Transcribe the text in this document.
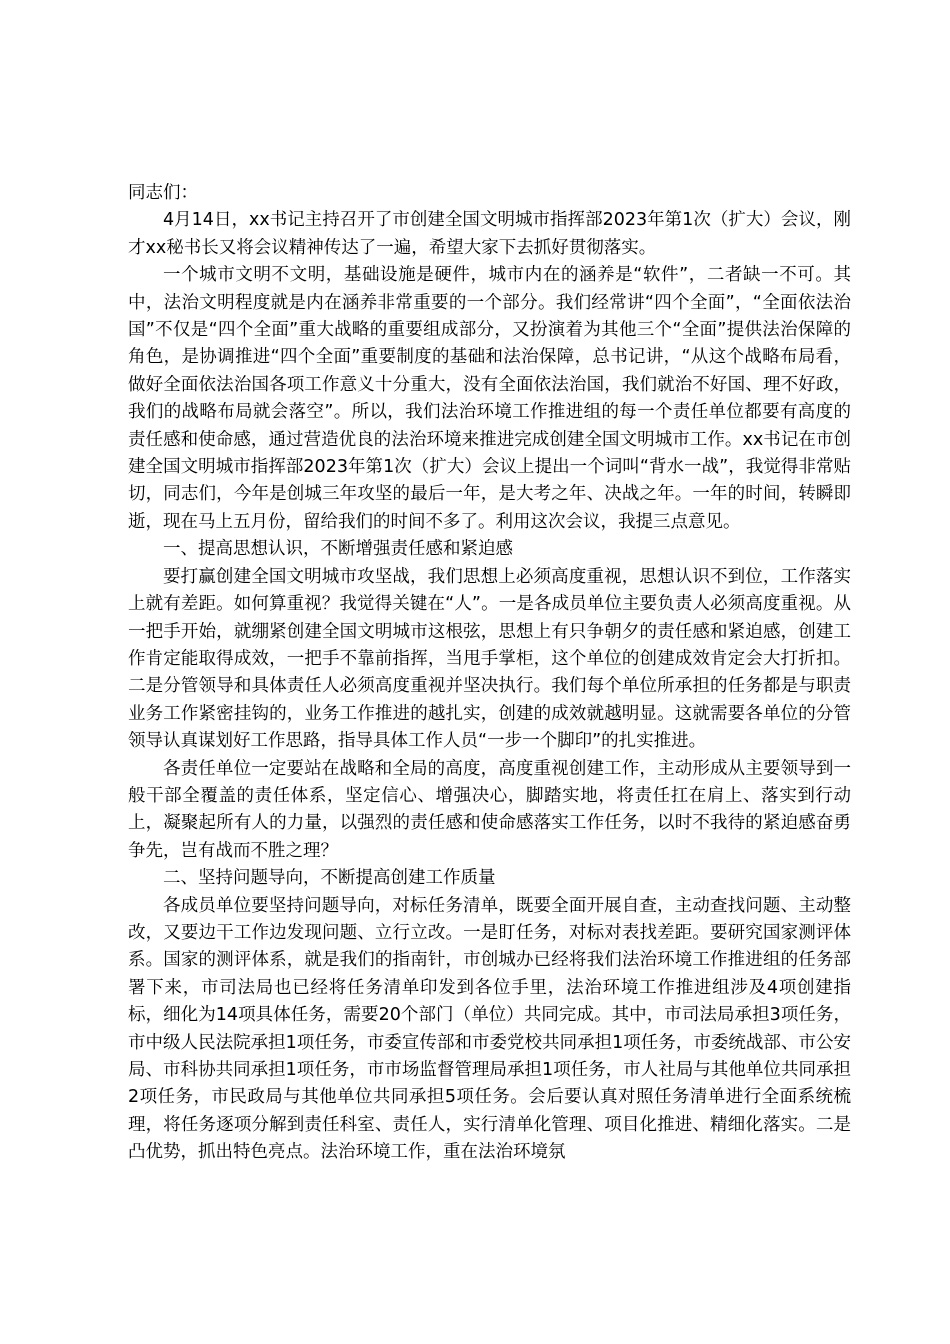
同志们：

4月14日，xx书记主持召开了市创建全国文明城市指挥部2023年第1次（扩大）会议，刚才xx秘书长又将会议精神传达了一遍，希望大家下去抓好贯彻落实。

一个城市文明不文明，基础设施是硬件，城市内在的涵养是“软件”，二者缺一不可。其中，法治文明程度就是内在涵养非常重要的一个部分。我们经常讲“四个全面”，“全面依法治国”不仅是“四个全面”重大战略的重要组成部分，又扮演着为其他三个“全面”提供法治保障的角色，是协调推进“四个全面”重要制度的基础和法治保障，总书记讲，“从这个战略布局看，做好全面依法治国各项工作意义十分重大，没有全面依法治国，我们就治不好国、理不好政，我们的战略布局就会落空”。所以，我们法治环境工作推进组的每一个责任单位都要有高度的责任感和使命感，通过营造优良的法治环境来推进完成创建全国文明城市工作。xx书记在市创建全国文明城市指挥部2023年第1次（扩大）会议上提出一个词叫“背水一战”，我觉得非常贴切，同志们，今年是创城三年攻坚的最后一年，是大考之年、决战之年。一年的时间，转瞬即逝，现在马上五月份，留给我们的时间不多了。利用这次会议，我提三点意见。

一、提高思想认识，不断增强责任感和紧迫感

要打赢创建全国文明城市攻坚战，我们思想上必须高度重视，思想认识不到位，工作落实上就有差距。如何算重视？我觉得关键在“人”。一是各成员单位主要负责人必须高度重视。从一把手开始，就绷紧创建全国文明城市这根弦，思想上有只争朝夕的责任感和紧迫感，创建工作肯定能取得成效，一把手不靠前指挥，当甩手掌柜，这个单位的创建成效肯定会大打折扣。二是分管领导和具体责任人必须高度重视并坚决执行。我们每个单位所承担的任务都是与职责业务工作紧密挂钩的，业务工作推进的越扎实，创建的成效就越明显。这就需要各单位的分管领导认真谋划好工作思路，指导具体工作人员“一步一个脚印”的扎实推进。

各责任单位一定要站在战略和全局的高度，高度重视创建工作，主动形成从主要领导到一般干部全覆盖的责任体系，坚定信心、增强决心，脚踏实地，将责任扛在肩上、落实到行动上，凝聚起所有人的力量，以强烈的责任感和使命感落实工作任务，以时不我待的紧迫感奋勇争先，岂有战而不胜之理？

二、坚持问题导向，不断提高创建工作质量

各成员单位要坚持问题导向，对标任务清单，既要全面开展自查，主动查找问题、主动整改，又要边干工作边发现问题、立行立改。一是盯任务，对标对表找差距。要研究国家测评体系。国家的测评体系，就是我们的指南针，市创城办已经将我们法治环境工作推进组的任务部署下来，市司法局也已经将任务清单印发到各位手里，法治环境工作推进组涉及4项创建指标，细化为14项具体任务，需要20个部门（单位）共同完成。其中，市司法局承担3项任务，市中级人民法院承担1项任务，市委宣传部和市委党校共同承担1项任务，市委统战部、市公安局、市科协共同承担1项任务，市市场监督管理局承担1项任务，市人社局与其他单位共同承担2项任务，市民政局与其他单位共同承担5项任务。会后要认真对照任务清单进行全面系统梳理，将任务逐项分解到责任科室、责任人，实行清单化管理、项目化推进、精细化落实。二是凸优势，抓出特色亮点。法治环境工作，重在法治环境氛
